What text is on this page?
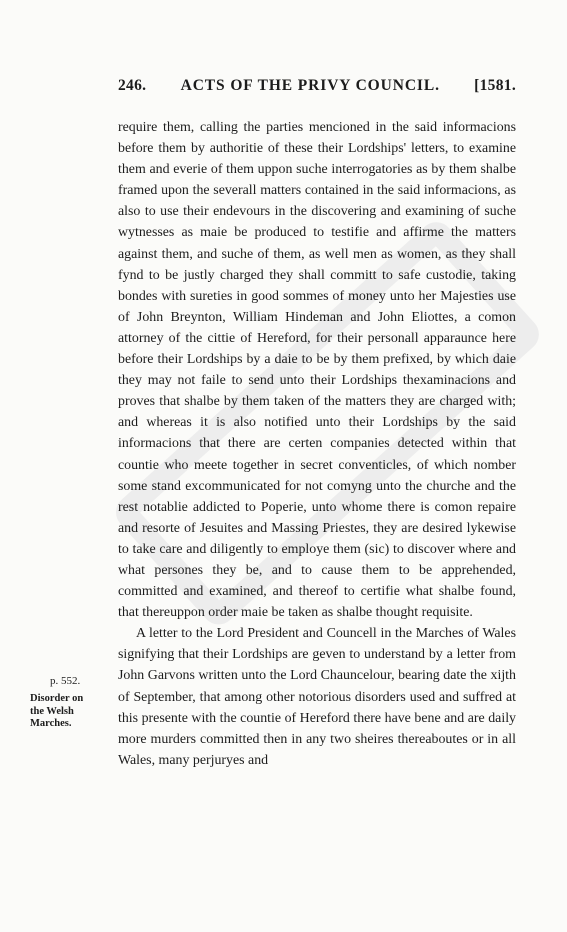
246. ACTS OF THE PRIVY COUNCIL. [1581.

require them, calling the parties mencioned in the said informacions before them by authoritie of these their Lordships' letters, to examine them and everie of them uppon suche interrogatories as by them shalbe framed upon the severall matters contained in the said informacions, as also to use their endevours in the discovering and examining of suche wytnesses as maie be produced to testifie and affirme the matters against them, and suche of them, as well men as women, as they shall fynd to be justly charged they shall committ to safe custodie, taking bondes with sureties in good sommes of money unto her Majesties use of John Breynton, William Hindeman and John Eliottes, a comon attorney of the cittie of Hereford, for their personall apparaunce here before their Lordships by a daie to be by them prefixed, by which daie they may not faile to send unto their Lordships thexaminacions and proves that shalbe by them taken of the matters they are charged with; and whereas it is also notified unto their Lordships by the said informacions that there are certen companies detected within that countie who meete together in secret conventicles, of which nomber some stand excommunicated for not comyng unto the churche and the rest notablie addicted to Poperie, unto whome there is comon repaire and resorte of Jesuites and Massing Priestes, they are desired lykewise to take care and diligently to employe them (sic) to discover where and what persones they be, and to cause them to be apprehended, committed and examined, and thereof to certifie what shalbe found, that thereuppon order maie be taken as shalbe thought requisite.

A letter to the Lord President and Councell in the Marches of Wales signifying that their Lordships are geven to understand by a letter from John Garvons written unto the Lord Chauncelour, bearing date the xijth of September, that among other notorious disorders used and suffred at this presente with the countie of Hereford there have bene and are daily more murders committed then in any two sheires thereaboutes or in all Wales, many perjuryes and

p. 552.
Disorder on
the Welsh
Marches.
